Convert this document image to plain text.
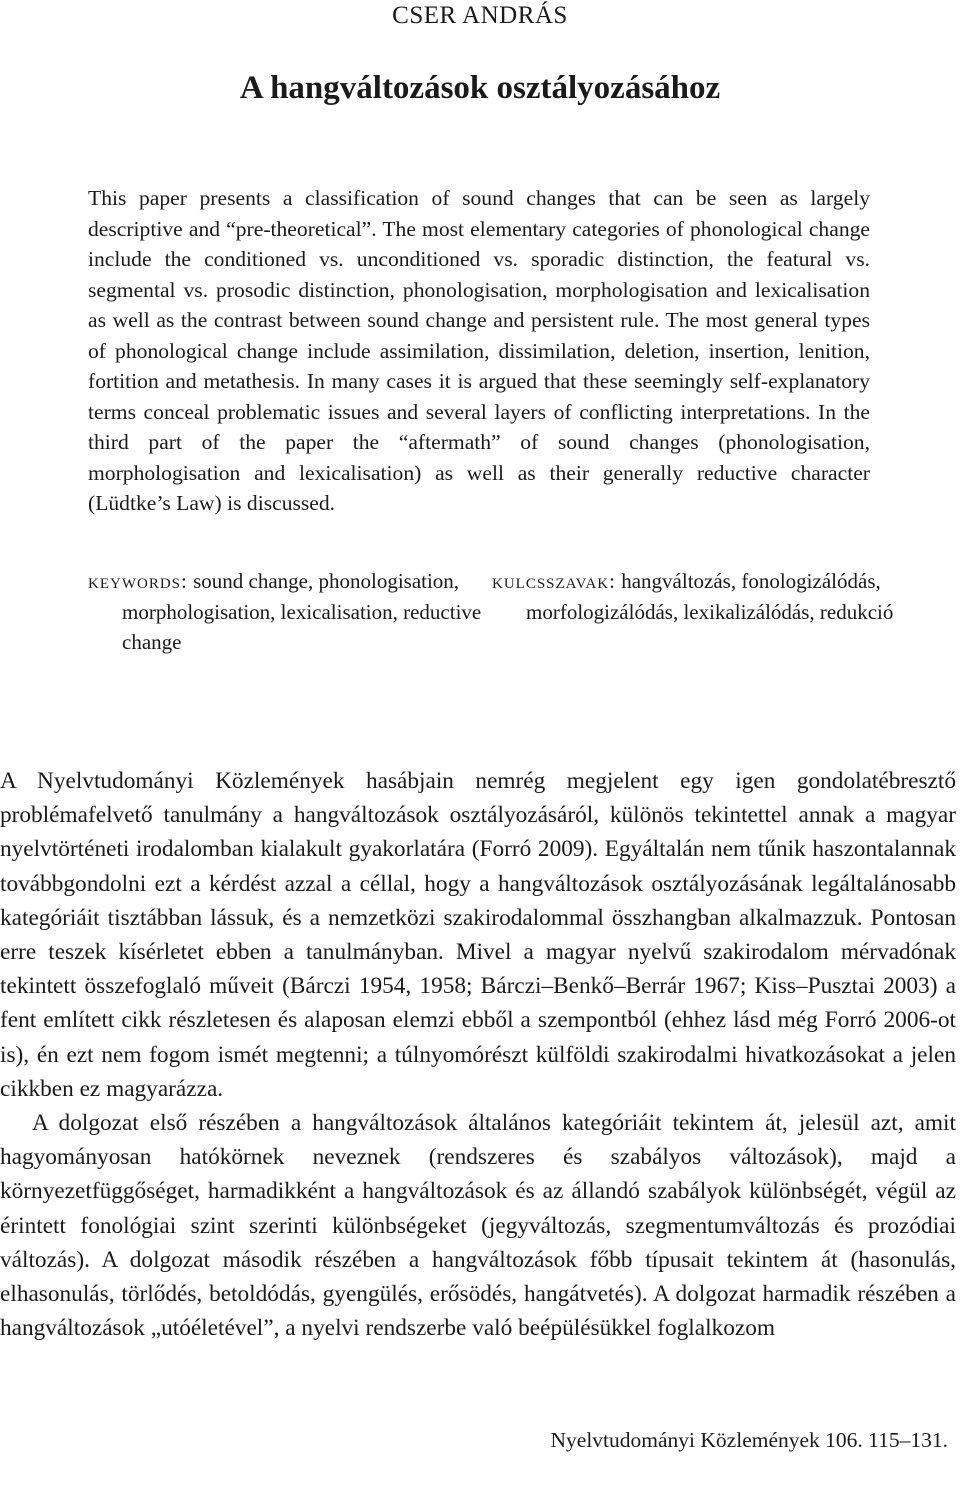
CSER ANDRÁS
A hangváltozások osztályozásához

This paper presents a classification of sound changes that can be seen as largely descriptive and “pre-theoretical”. The most elementary categories of phonological change include the conditioned vs. unconditioned vs. sporadic distinction, the featural vs. segmental vs. prosodic distinction, phonologisation, morphologisation and lexicalisation as well as the contrast between sound change and persistent rule. The most general types of phonological change include assimilation, dissimilation, deletion, insertion, lenition, fortition and metathesis. In many cases it is argued that these seemingly self-explanatory terms conceal problematic issues and several layers of conflicting interpretations. In the third part of the paper the “aftermath” of sound changes (phonologisation, morphologisation and lexicalisation) as well as their generally reductive character (Lüdtke’s Law) is discussed.

keywords: sound change, phonologisation, morphologisation, lexicalisation, reductive change
kulcsszavak: hangváltozás, fonologizálódás, morfologizálódás, lexikalizálódás, redukció

A Nyelvtudományi Közlemények hasábjain nemrég megjelent egy igen gondolatébresztő problémafelvető tanulmány a hangváltozások osztályozásáról, különös tekintettel annak a magyar nyelvtörténeti irodalomban kialakult gyakorlatára (Forró 2009). Egyáltalán nem tűnik haszontalannak továbbgondolni ezt a kérdést azzal a céllal, hogy a hangváltozások osztályozásának legáltalánosabb kategóriáit tisztábban lássuk, és a nemzetközi szakirodalommal összhangban alkalmazzuk. Pontosan erre teszek kísérletet ebben a tanulmányban. Mivel a magyar nyelvű szakirodalom mérvadónak tekintett összefoglaló műveit (Bárczi 1954, 1958; Bárczi–Benkő–Berrár 1967; Kiss–Pusztai 2003) a fent említett cikk részletesen és alaposan elemzi ebből a szempontból (ehhez lásd még Forró 2006-ot is), én ezt nem fogom ismét megtenni; a túlnyomórészt külföldi szakirodalmi hivatkozásokat a jelen cikkben ez magyarázza.

A dolgozat első részében a hangváltozások általános kategóriáit tekintem át, jelesül azt, amit hagyományosan hatókörnek neveznek (rendszeres és szabályos változások), majd a környezetfüggőséget, harmadikként a hangváltozások és az állandó szabályok különbségét, végül az érintett fonológiai szint szerinti különbségeket (jegyváltozás, szegmentumváltozás és prozódiai változás). A dolgozat második részében a hangváltozások főbb típusait tekintem át (hasonulás, elhasonulás, törlődés, betoldódás, gyengülés, erősödés, hangátvetés). A dolgozat harmadik részében a hangváltozások „utóéletével”, a nyelvi rendszerbe való beépülésükkel foglalkozom

Nyelvtudományi Közlemények 106. 115–131.
